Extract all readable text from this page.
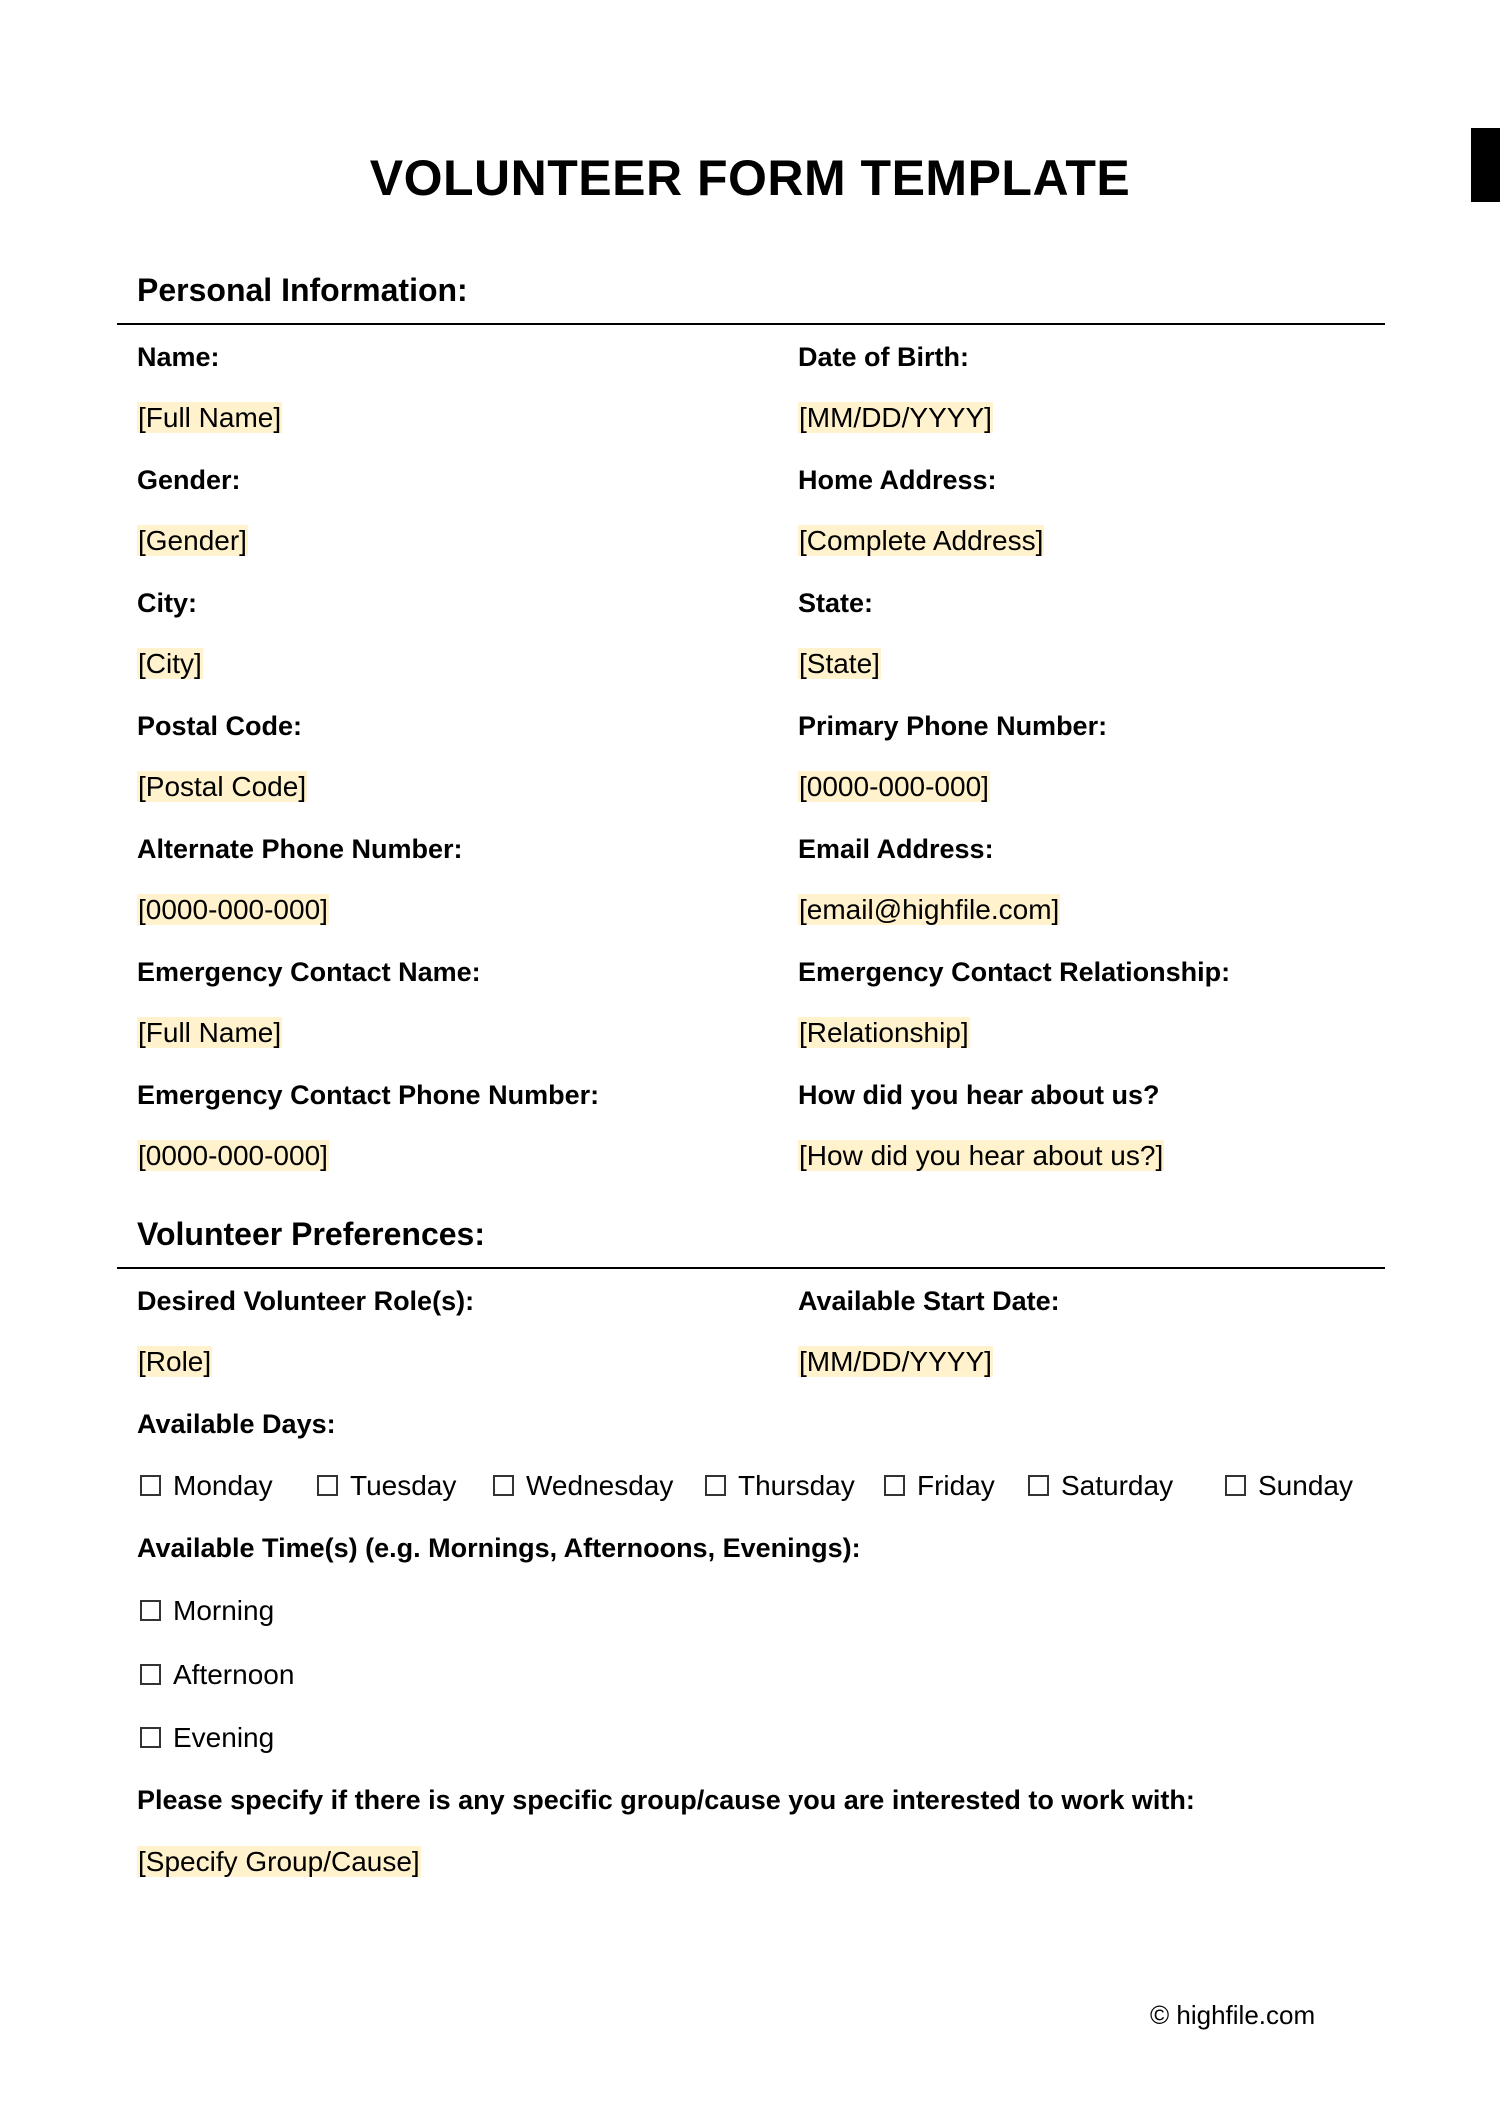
VOLUNTEER FORM TEMPLATE
Personal Information:
Name:
[Full Name]
Date of Birth:
[MM/DD/YYYY]
Gender:
[Gender]
Home Address:
[Complete Address]
City:
[City]
State:
[State]
Postal Code:
[Postal Code]
Primary Phone Number:
[0000-000-000]
Alternate Phone Number:
[0000-000-000]
Email Address:
[email@highfile.com]
Emergency Contact Name:
[Full Name]
Emergency Contact Relationship:
[Relationship]
Emergency Contact Phone Number:
[0000-000-000]
How did you hear about us?
[How did you hear about us?]
Volunteer Preferences:
Desired Volunteer Role(s):
[Role]
Available Start Date:
[MM/DD/YYYY]
Available Days:
Monday	Tuesday	Wednesday	Thursday	Friday	Saturday	Sunday
Available Time(s) (e.g. Mornings, Afternoons, Evenings):
Morning
Afternoon
Evening
Please specify if there is any specific group/cause you are interested to work with:
[Specify Group/Cause]
© highfile.com
